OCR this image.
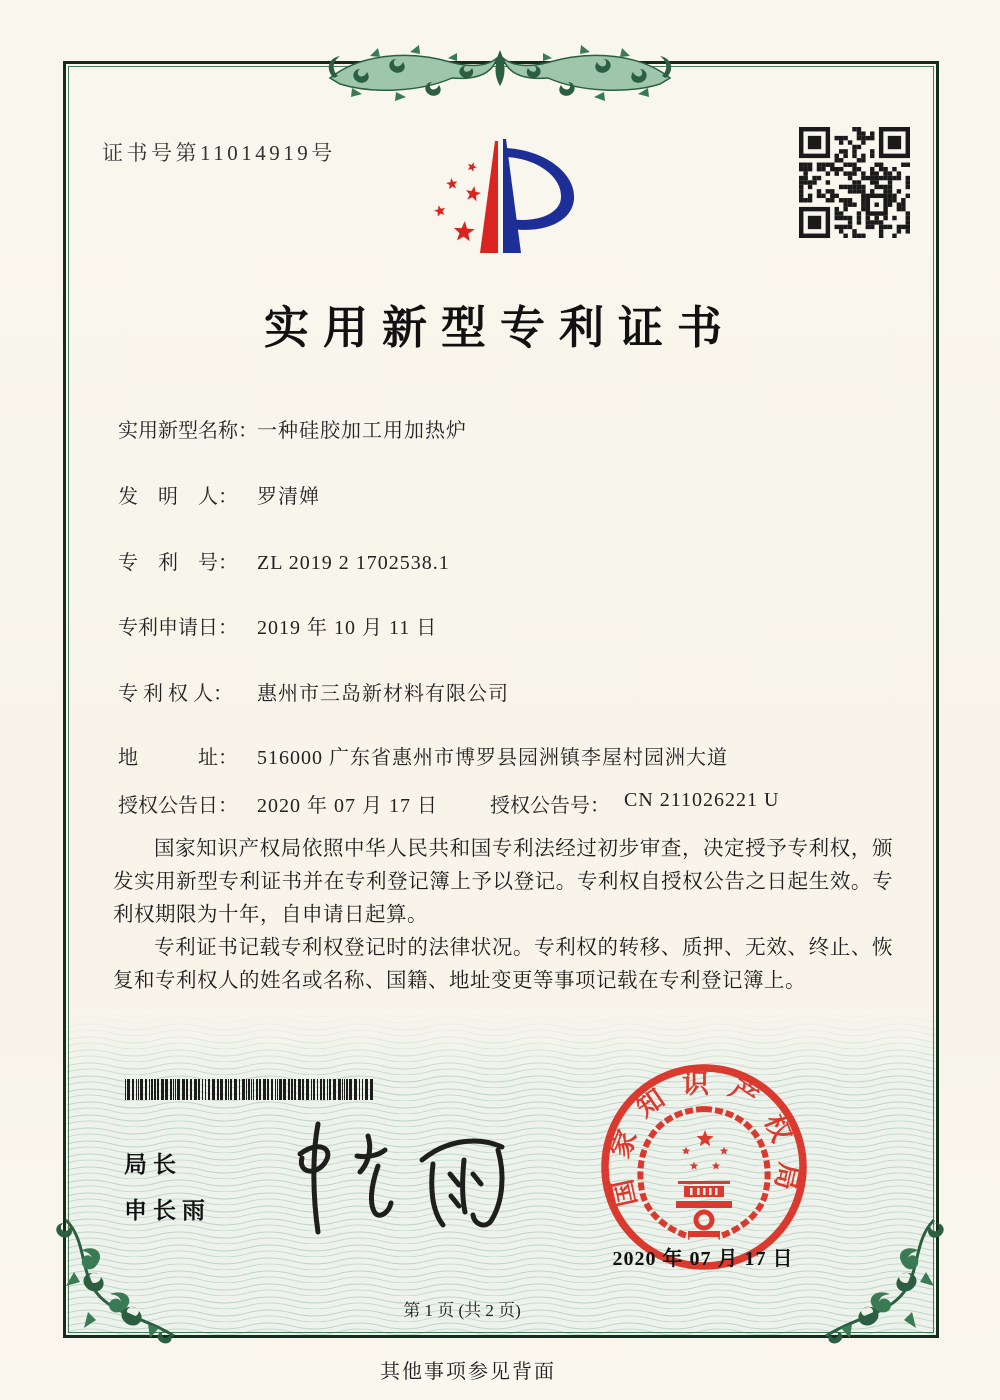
证书号第11014919号
实用新型专利证书
实用新型名称： 一种硅胶加工用加热炉
发　明　人： 罗清婵
专　利　号： ZL 2019 2 1702538.1
专利申请日： 2019 年 10 月 11 日
专 利 权 人： 惠州市三岛新材料有限公司
地　　　址： 516000 广东省惠州市博罗县园洲镇李屋村园洲大道
授权公告日： 2020 年 07 月 17 日	授权公告号： CN 211026221 U

国家知识产权局依照中华人民共和国专利法经过初步审查，决定授予专利权，颁发实用新型专利证书并在专利登记簿上予以登记。专利权自授权公告之日起生效。专利权期限为十年，自申请日起算。

专利证书记载专利权登记时的法律状况。专利权的转移、质押、无效、终止、恢复和专利权人的姓名或名称、国籍、地址变更等事项记载在专利登记簿上。

局长
申长雨
国家知识产权局
2020 年 07 月 17 日
第 1 页 (共 2 页)
其他事项参见背面
